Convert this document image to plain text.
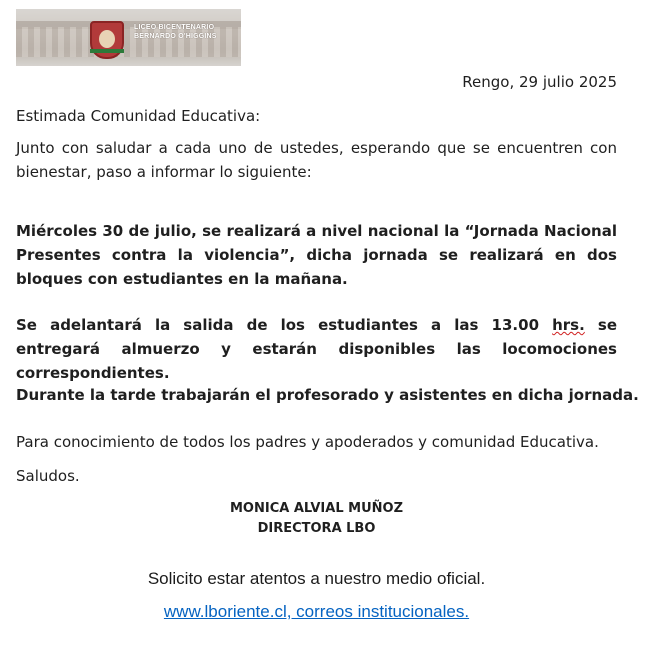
LICEO BICENTENARIO
BERNARDO O'HIGGINS

Rengo, 29 julio 2025

Estimada Comunidad Educativa:

Junto con saludar a cada uno de ustedes, esperando que se encuentren con bienestar, paso a informar lo siguiente:

Miércoles 30 de julio, se realizará a nivel nacional la “Jornada Nacional Presentes contra la violencia”, dicha jornada se realizará en dos bloques con estudiantes en la mañana.

Se adelantará la salida de los estudiantes a las 13.00 hrs. se entregará almuerzo y estarán disponibles las locomociones correspondientes.

Durante la tarde trabajarán el profesorado y asistentes en dicha jornada.

Para conocimiento de todos los padres y apoderados y comunidad Educativa.

Saludos.

MONICA ALVIAL MUÑOZ
DIRECTORA LBO
Solicito estar atentos a nuestro medio oficial.
www.lboriente.cl, correos institucionales.
